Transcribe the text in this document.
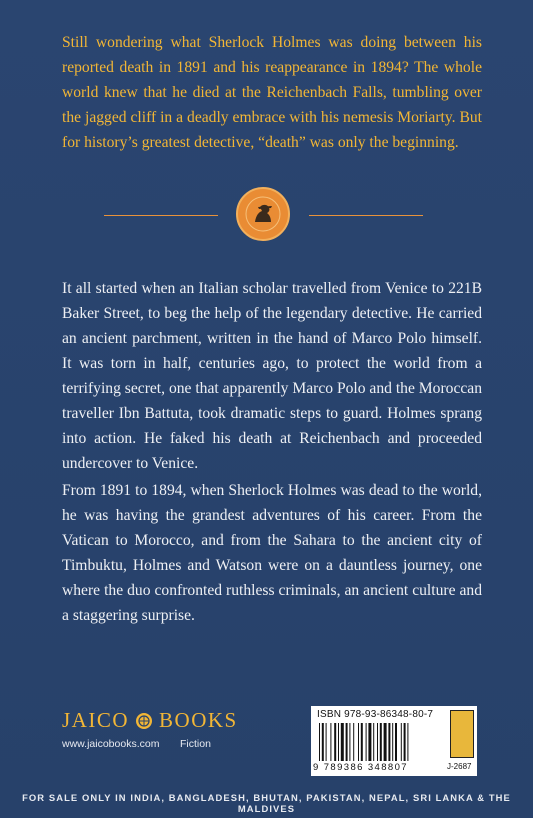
Still wondering what Sherlock Holmes was doing between his reported death in 1891 and his reappearance in 1894? The whole world knew that he died at the Reichenbach Falls, tumbling over the jagged cliff in a deadly embrace with his nemesis Moriarty. But for history’s greatest detective, “death” was only the beginning.

It all started when an Italian scholar travelled from Venice to 221B Baker Street, to beg the help of the legendary detective. He carried an ancient parchment, written in the hand of Marco Polo himself. It was torn in half, centuries ago, to protect the world from a terrifying secret, one that apparently Marco Polo and the Moroccan traveller Ibn Battuta, took dramatic steps to guard. Holmes sprang into action. He faked his death at Reichenbach and proceeded undercover to Venice.

From 1891 to 1894, when Sherlock Holmes was dead to the world, he was having the grandest adventures of his career. From the Vatican to Morocco, and from the Sahara to the ancient city of Timbuktu, Holmes and Watson were on a dauntless journey, one where the duo confronted ruthless criminals, an ancient culture and a staggering surprise.

JAICO BOOKS
www.jaicobooks.com Fiction
ISBN 978-93-86348-80-7
9 789386 348807	J-2687
FOR SALE ONLY IN INDIA, BANGLADESH, BHUTAN, PAKISTAN, NEPAL, SRI LANKA & THE MALDIVES
